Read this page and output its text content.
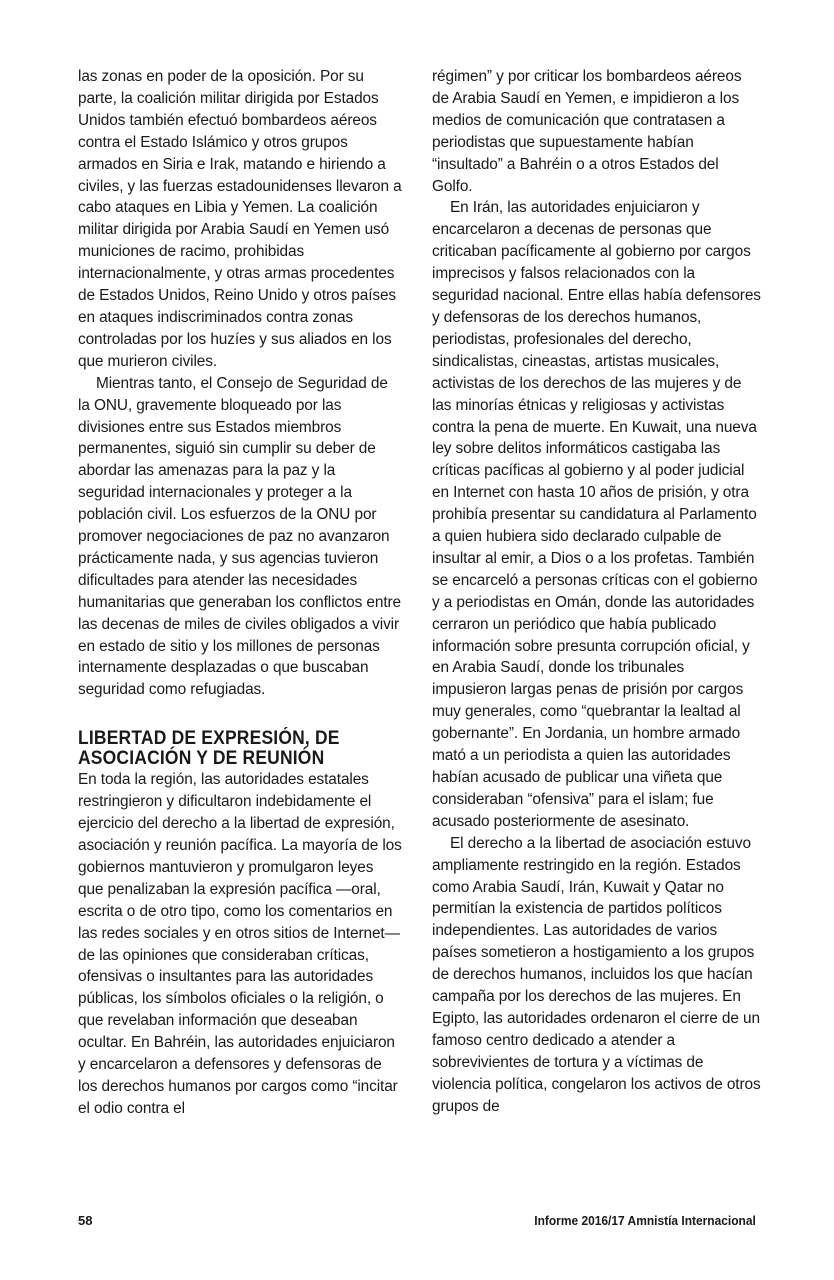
las zonas en poder de la oposición. Por su parte, la coalición militar dirigida por Estados Unidos también efectuó bombardeos aéreos contra el Estado Islámico y otros grupos armados en Siria e Irak, matando e hiriendo a civiles, y las fuerzas estadounidenses llevaron a cabo ataques en Libia y Yemen. La coalición militar dirigida por Arabia Saudí en Yemen usó municiones de racimo, prohibidas internacionalmente, y otras armas procedentes de Estados Unidos, Reino Unido y otros países en ataques indiscriminados contra zonas controladas por los huzíes y sus aliados en los que murieron civiles.

Mientras tanto, el Consejo de Seguridad de la ONU, gravemente bloqueado por las divisiones entre sus Estados miembros permanentes, siguió sin cumplir su deber de abordar las amenazas para la paz y la seguridad internacionales y proteger a la población civil. Los esfuerzos de la ONU por promover negociaciones de paz no avanzaron prácticamente nada, y sus agencias tuvieron dificultades para atender las necesidades humanitarias que generaban los conflictos entre las decenas de miles de civiles obligados a vivir en estado de sitio y los millones de personas internamente desplazadas o que buscaban seguridad como refugiadas.

LIBERTAD DE EXPRESIÓN, DE ASOCIACIÓN Y DE REUNIÓN

En toda la región, las autoridades estatales restringieron y dificultaron indebidamente el ejercicio del derecho a la libertad de expresión, asociación y reunión pacífica. La mayoría de los gobiernos mantuvieron y promulgaron leyes que penalizaban la expresión pacífica —oral, escrita o de otro tipo, como los comentarios en las redes sociales y en otros sitios de Internet— de las opiniones que consideraban críticas, ofensivas o insultantes para las autoridades públicas, los símbolos oficiales o la religión, o que revelaban información que deseaban ocultar. En Bahréin, las autoridades enjuiciaron y encarcelaron a defensores y defensoras de los derechos humanos por cargos como “incitar el odio contra el

régimen” y por criticar los bombardeos aéreos de Arabia Saudí en Yemen, e impidieron a los medios de comunicación que contratasen a periodistas que supuestamente habían “insultado” a Bahréin o a otros Estados del Golfo.

En Irán, las autoridades enjuiciaron y encarcelaron a decenas de personas que criticaban pacíficamente al gobierno por cargos imprecisos y falsos relacionados con la seguridad nacional. Entre ellas había defensores y defensoras de los derechos humanos, periodistas, profesionales del derecho, sindicalistas, cineastas, artistas musicales, activistas de los derechos de las mujeres y de las minorías étnicas y religiosas y activistas contra la pena de muerte. En Kuwait, una nueva ley sobre delitos informáticos castigaba las críticas pacíficas al gobierno y al poder judicial en Internet con hasta 10 años de prisión, y otra prohibía presentar su candidatura al Parlamento a quien hubiera sido declarado culpable de insultar al emir, a Dios o a los profetas. También se encarceló a personas críticas con el gobierno y a periodistas en Omán, donde las autoridades cerraron un periódico que había publicado información sobre presunta corrupción oficial, y en Arabia Saudí, donde los tribunales impusieron largas penas de prisión por cargos muy generales, como “quebrantar la lealtad al gobernante”. En Jordania, un hombre armado mató a un periodista a quien las autoridades habían acusado de publicar una viñeta que consideraban “ofensiva” para el islam; fue acusado posteriormente de asesinato.

El derecho a la libertad de asociación estuvo ampliamente restringido en la región. Estados como Arabia Saudí, Irán, Kuwait y Qatar no permitían la existencia de partidos políticos independientes. Las autoridades de varios países sometieron a hostigamiento a los grupos de derechos humanos, incluidos los que hacían campaña por los derechos de las mujeres. En Egipto, las autoridades ordenaron el cierre de un famoso centro dedicado a atender a sobrevivientes de tortura y a víctimas de violencia política, congelaron los activos de otros grupos de

58	Informe 2016/17 Amnistía Internacional
